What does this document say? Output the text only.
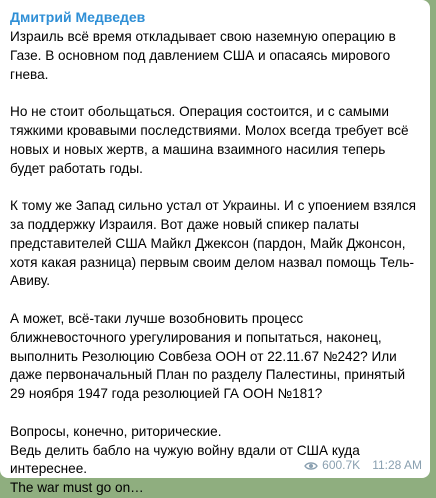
Дмитрий Медведев

Израиль всё время откладывает свою наземную операцию в
Газе. В основном под давлением США и опасаясь мирового
гнева.

Но не стоит обольщаться. Операция состоится, и с самыми
тяжкими кровавыми последствиями. Молох всегда требует всё
новых и новых жертв, а машина взаимного насилия теперь
будет работать годы.

К тому же Запад сильно устал от Украины. И с упоением взялся
за поддержку Израиля. Вот даже новый спикер палаты
представителей США Майкл Джексон (пардон, Майк Джонсон,
хотя какая разница) первым своим делом назвал помощь Тель-
Авиву.

А может, всё-таки лучше возобновить процесс
ближневосточного урегулирования и попытаться, наконец,
выполнить Резолюцию Совбеза ООН от 22.11.67 №242? Или
даже первоначальный План по разделу Палестины, принятый
29 ноября 1947 года резолюцией ГА ООН №181?

Вопросы, конечно, риторические.
Ведь делить бабло на чужую войну вдали от США куда
интереснее.
The war must go on…

600.7K 11:28 AM
